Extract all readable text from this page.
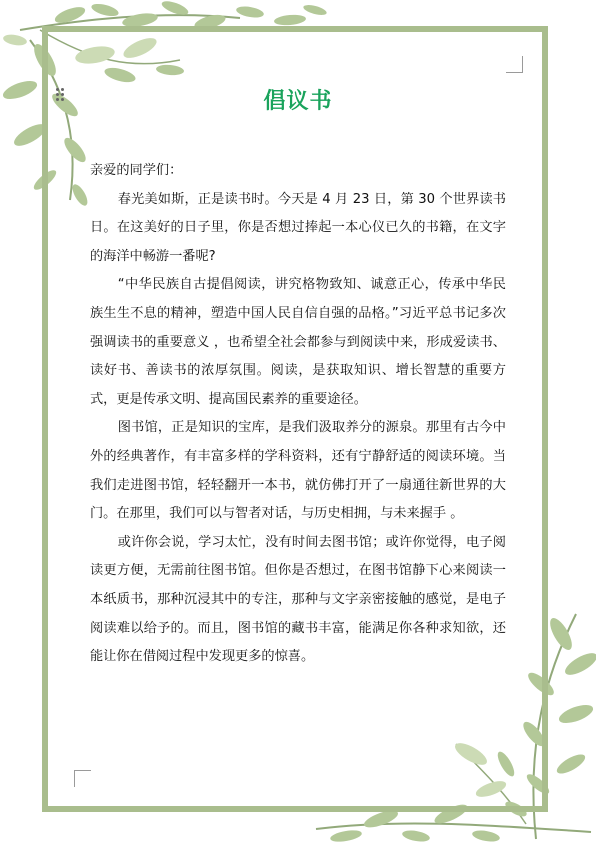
倡议书

亲爱的同学们：

春光美如斯，正是读书时。今天是 4 月 23 日，第 30 个世界读书日。在这美好的日子里，你是否想过捧起一本心仪已久的书籍，在文字的海洋中畅游一番呢?

“中华民族自古提倡阅读，讲究格物致知、诚意正心，传承中华民族生生不息的精神，塑造中国人民自信自强的品格。”习近平总书记多次强调读书的重要意义 ，也希望全社会都参与到阅读中来，形成爱读书、读好书、善读书的浓厚氛围。阅读，是获取知识、增长智慧的重要方式，更是传承文明、提高国民素养的重要途径。

图书馆，正是知识的宝库，是我们汲取养分的源泉。那里有古今中外的经典著作，有丰富多样的学科资料，还有宁静舒适的阅读环境。当我们走进图书馆，轻轻翻开一本书，就仿佛打开了一扇通往新世界的大门。在那里，我们可以与智者对话，与历史相拥，与未来握手 。

或许你会说，学习太忙，没有时间去图书馆；或许你觉得，电子阅读更方便，无需前往图书馆。但你是否想过，在图书馆静下心来阅读一本纸质书，那种沉浸其中的专注，那种与文字亲密接触的感觉，是电子阅读难以给予的。而且，图书馆的藏书丰富，能满足你各种求知欲，还能让你在借阅过程中发现更多的惊喜。
